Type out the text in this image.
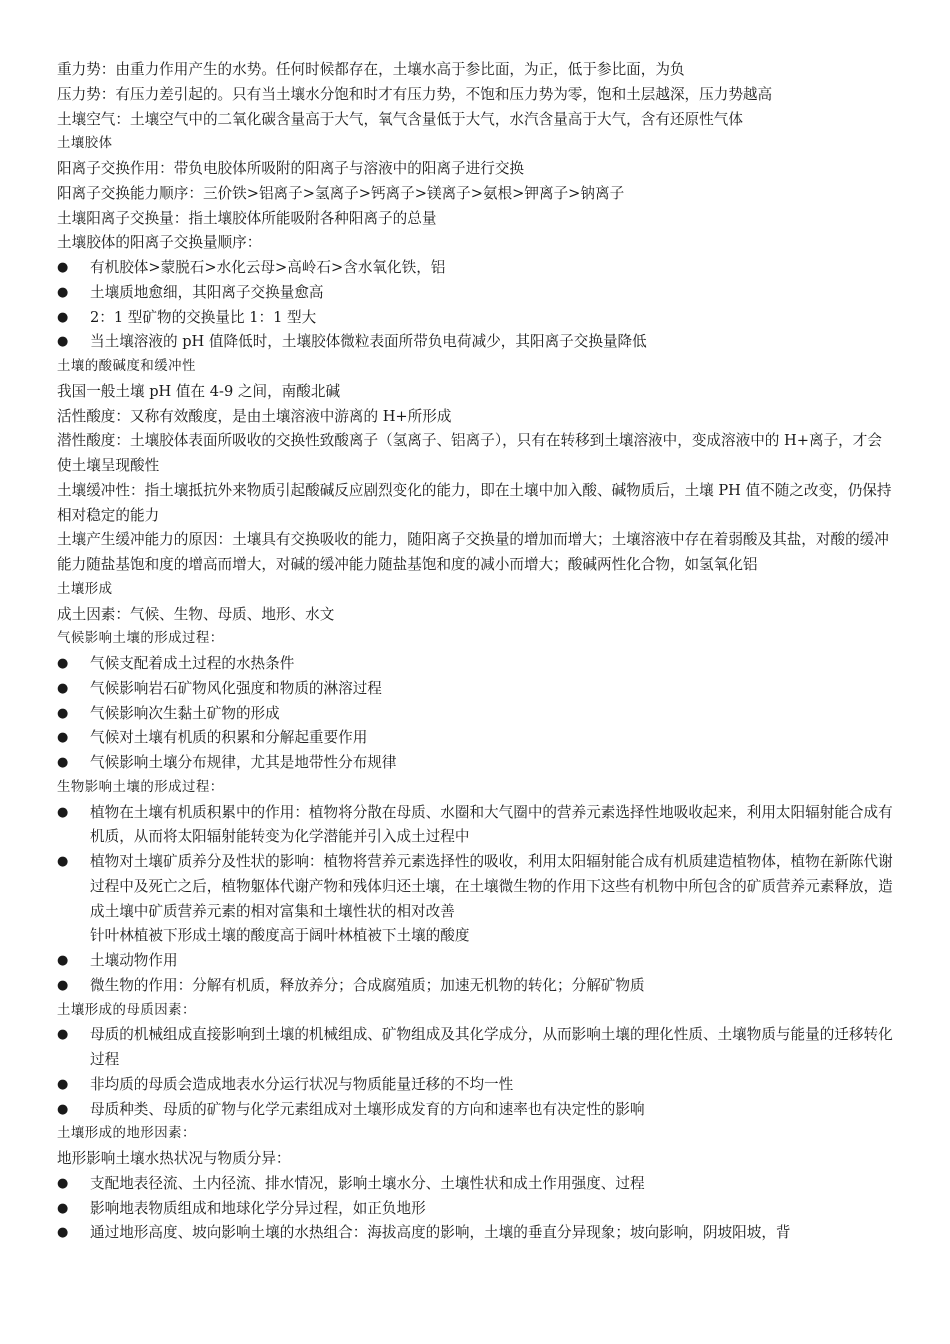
重力势：由重力作用产生的水势。任何时候都存在，土壤水高于参比面，为正，低于参比面，为负

压力势：有压力差引起的。只有当土壤水分饱和时才有压力势，不饱和压力势为零，饱和土层越深，压力势越高

土壤空气：土壤空气中的二氧化碳含量高于大气，氧气含量低于大气，水汽含量高于大气，含有还原性气体

土壤胶体

阳离子交换作用：带负电胶体所吸附的阳离子与溶液中的阳离子进行交换

阳离子交换能力顺序：三价铁>铝离子>氢离子>钙离子>镁离子>氨根>钾离子>钠离子

土壤阳离子交换量：指土壤胶体所能吸附各种阳离子的总量

土壤胶体的阳离子交换量顺序：

● 有机胶体>蒙脱石>水化云母>高岭石>含水氧化铁，铝
● 土壤质地愈细，其阳离子交换量愈高
● 2：1 型矿物的交换量比 1：1 型大
● 当土壤溶液的 pH 值降低时，土壤胶体微粒表面所带负电荷减少，其阳离子交换量降低

土壤的酸碱度和缓冲性

我国一般土壤 pH 值在 4-9 之间，南酸北碱

活性酸度：又称有效酸度，是由土壤溶液中游离的 H+所形成

潜性酸度：土壤胶体表面所吸收的交换性致酸离子（氢离子、铝离子），只有在转移到土壤溶液中，变成溶液中的 H+离子，才会使土壤呈现酸性

土壤缓冲性：指土壤抵抗外来物质引起酸碱反应剧烈变化的能力，即在土壤中加入酸、碱物质后，土壤 PH 值不随之改变，仍保持相对稳定的能力

土壤产生缓冲能力的原因：土壤具有交换吸收的能力，随阳离子交换量的增加而增大；土壤溶液中存在着弱酸及其盐，对酸的缓冲能力随盐基饱和度的增高而增大，对碱的缓冲能力随盐基饱和度的减小而增大；酸碱两性化合物，如氢氧化铝

土壤形成

成土因素：气候、生物、母质、地形、水文

气候影响土壤的形成过程：

● 气候支配着成土过程的水热条件
● 气候影响岩石矿物风化强度和物质的淋溶过程
● 气候影响次生黏土矿物的形成
● 气候对土壤有机质的积累和分解起重要作用
● 气候影响土壤分布规律，尤其是地带性分布规律

生物影响土壤的形成过程：

● 植物在土壤有机质积累中的作用：植物将分散在母质、水圈和大气圈中的营养元素选择性地吸收起来，利用太阳辐射能合成有机质，从而将太阳辐射能转变为化学潜能并引入成土过程中
● 植物对土壤矿质养分及性状的影响：植物将营养元素选择性的吸收，利用太阳辐射能合成有机质建造植物体，植物在新陈代谢过程中及死亡之后，植物躯体代谢产物和残体归还土壤，在土壤微生物的作用下这些有机物中所包含的矿质营养元素释放，造成土壤中矿质营养元素的相对富集和土壤性状的相对改善
针叶林植被下形成土壤的酸度高于阔叶林植被下土壤的酸度
● 土壤动物作用
● 微生物的作用：分解有机质，释放养分；合成腐殖质；加速无机物的转化；分解矿物质

土壤形成的母质因素：

● 母质的机械组成直接影响到土壤的机械组成、矿物组成及其化学成分，从而影响土壤的理化性质、土壤物质与能量的迁移转化过程
● 非均质的母质会造成地表水分运行状况与物质能量迁移的不均一性
● 母质种类、母质的矿物与化学元素组成对土壤形成发育的方向和速率也有决定性的影响

土壤形成的地形因素：

地形影响土壤水热状况与物质分异：

● 支配地表径流、土内径流、排水情况，影响土壤水分、土壤性状和成土作用强度、过程
● 影响地表物质组成和地球化学分异过程，如正负地形
● 通过地形高度、坡向影响土壤的水热组合：海拔高度的影响，土壤的垂直分异现象；坡向影响，阴坡阳坡，背
